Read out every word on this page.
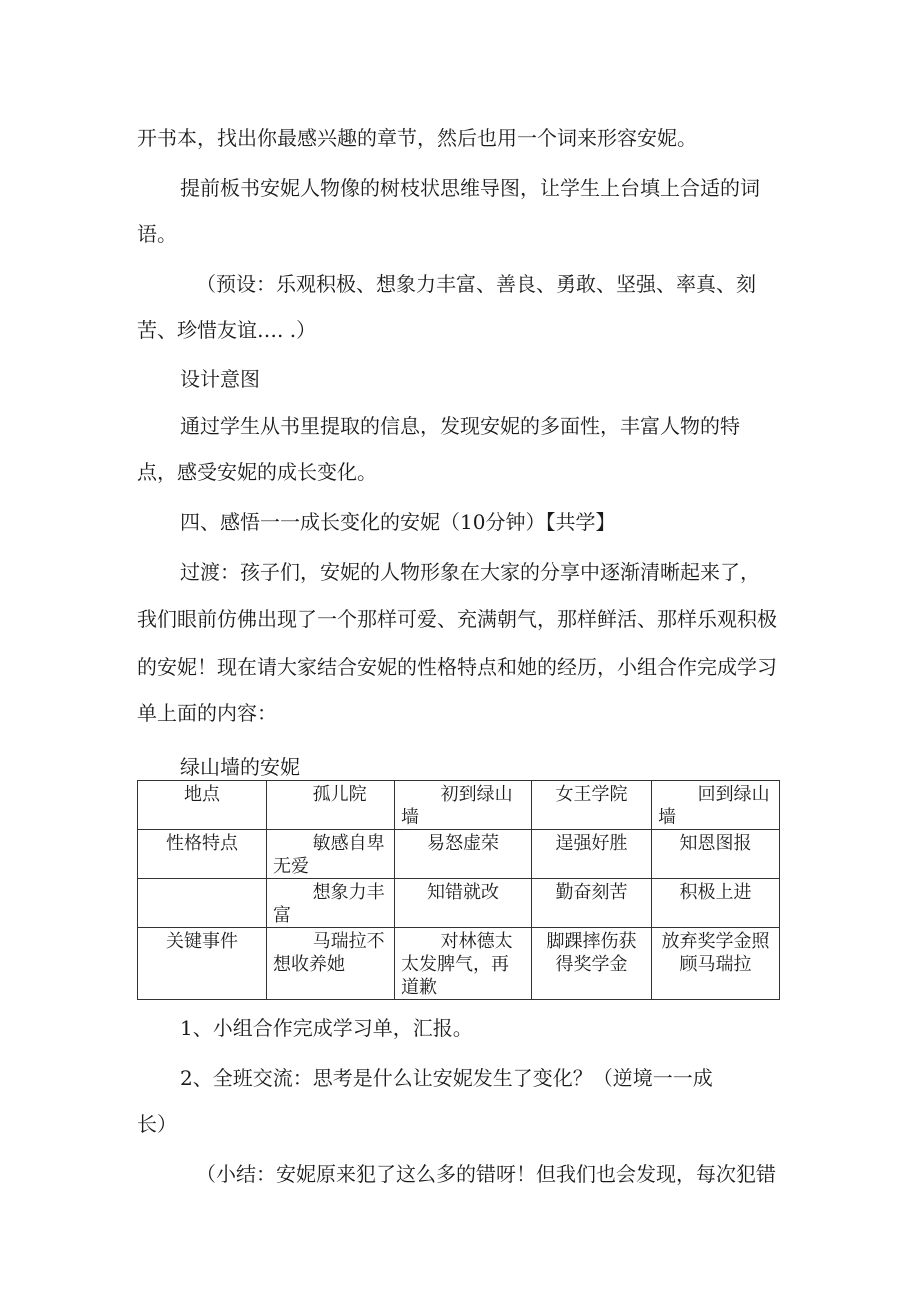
开书本，找出你最感兴趣的章节，然后也用一个词来形容安妮。
提前板书安妮人物像的树枝状思维导图，让学生上台填上合适的词
语。
（预设：乐观积极、想象力丰富、善良、勇敢、坚强、率真、刻
苦、珍惜友谊…. .）
设计意图
通过学生从书里提取的信息，发现安妮的多面性，丰富人物的特
点，感受安妮的成长变化。
四、感悟一一成长变化的安妮（10分钟）【共学】
过渡：孩子们，安妮的人物形象在大家的分享中逐渐清晰起来了，
我们眼前仿佛出现了一个那样可爱、充满朝气，那样鲜活、那样乐观积极
的安妮！现在请大家结合安妮的性格特点和她的经历，小组合作完成学习
单上面的内容：
绿山墙的安妮
地点	孤儿院	初到绿山墙	女王学院	回到绿山墙
性格特点	敏感自卑无爱	易怒虚荣	逞强好胜	知恩图报
	想象力丰富	知错就改	勤奋刻苦	积极上进
关键事件	马瑞拉不想收养她	对林德太太发脾气，再道歉	脚踝摔伤获得奖学金	放弃奖学金照顾马瑞拉
1、小组合作完成学习单，汇报。
2、全班交流：思考是什么让安妮发生了变化？（逆境一一成
长）
（小结：安妮原来犯了这么多的错呀！但我们也会发现，每次犯错
